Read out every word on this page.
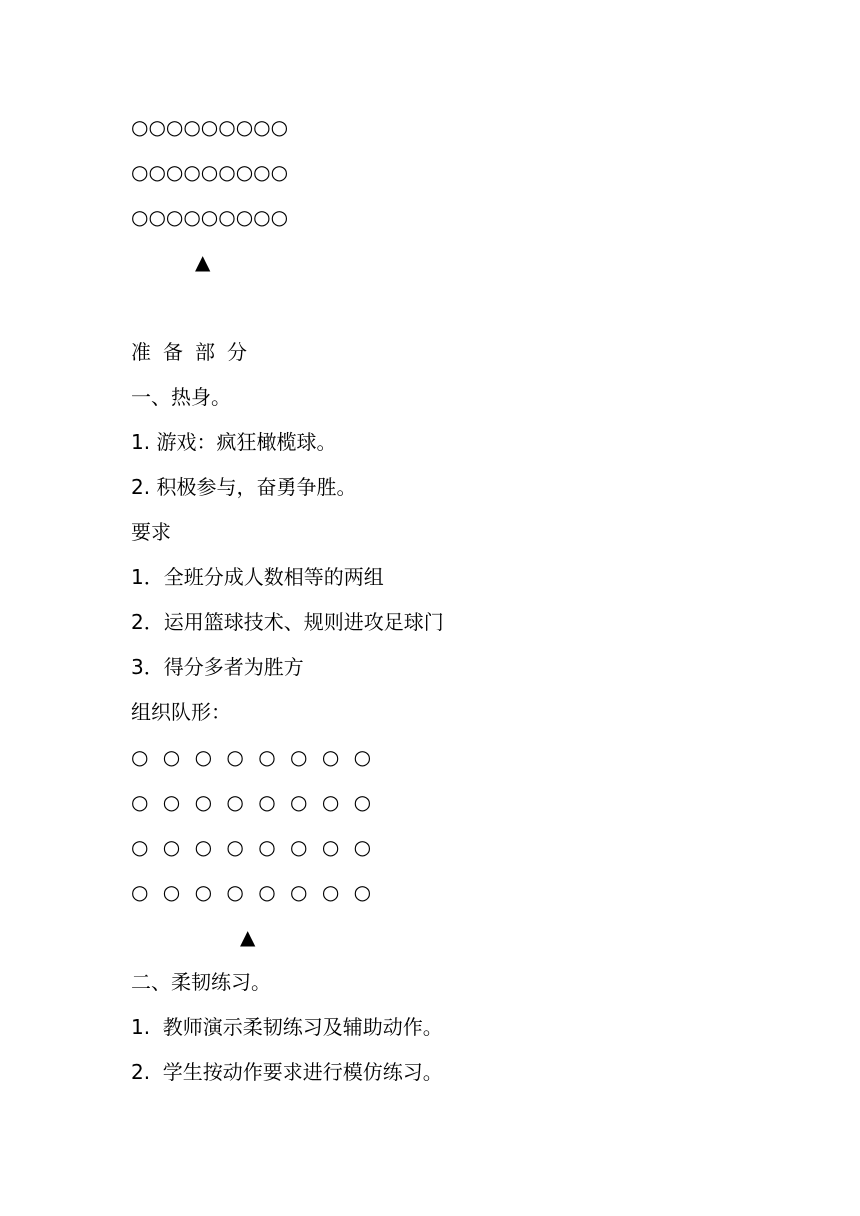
○○○○○○○○○

○○○○○○○○○

○○○○○○○○○

▲

准备部分

一、热身。

1. 游戏：疯狂橄榄球。

2. 积极参与，奋勇争胜。

要求

1．全班分成人数相等的两组

2．运用篮球技术、规则进攻足球门

3．得分多者为胜方

组织队形：

○ ○ ○ ○ ○ ○ ○ ○

○ ○ ○ ○ ○ ○ ○ ○

○ ○ ○ ○ ○ ○ ○ ○

○ ○ ○ ○ ○ ○ ○ ○

▲

二、柔韧练习。

1.  教师演示柔韧练习及辅助动作。

2.  学生按动作要求进行模仿练习。
